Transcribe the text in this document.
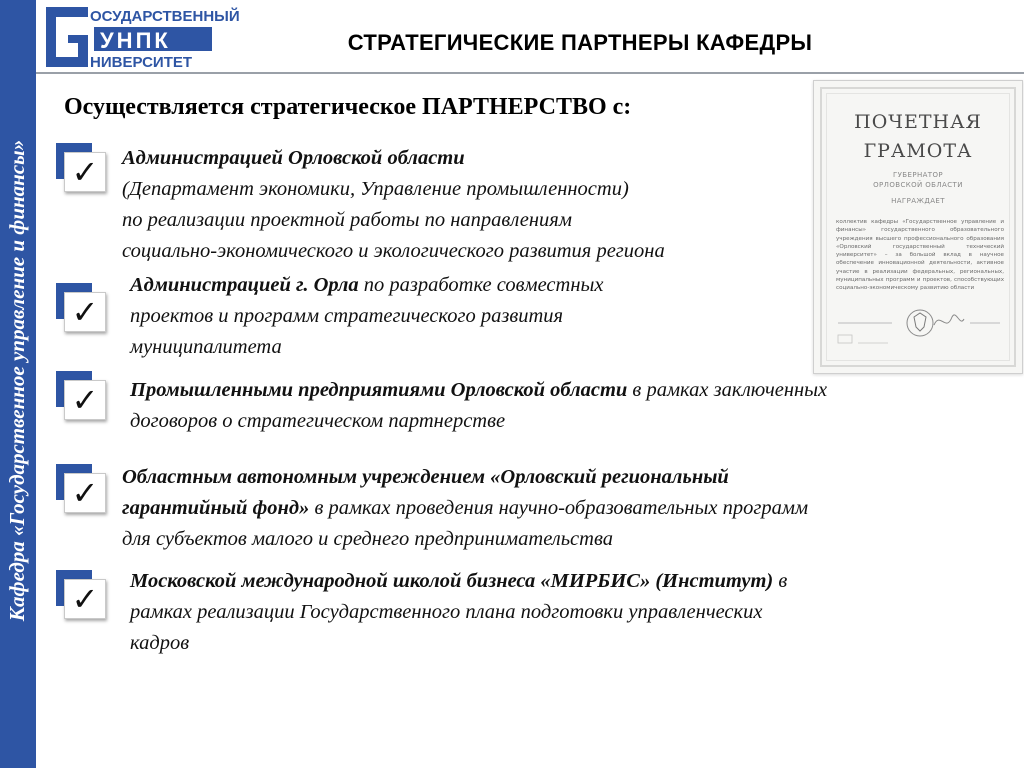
Кафедра «Государственное управление и финансы»
ОСУДАРСТВЕННЫЙ
УНПК
НИВЕРСИТЕТ
СТРАТЕГИЧЕСКИЕ ПАРТНЕРЫ КАФЕДРЫ
Осуществляется стратегическое ПАРТНЕРСТВО с:
✓
✓
✓
✓
✓
Администрацией Орловской области
(Департамент экономики, Управление промышленности)
по реализации проектной работы по направлениям
социально-экономического и экологического развития региона
Администрацией г. Орла по разработке совместных
проектов и программ стратегического развития
муниципалитета
Промышленными предприятиями Орловской области в рамках заключенных
договоров о стратегическом партнерстве
Областным автономным учреждением «Орловский региональный
гарантийный фонд» в рамках проведения научно-образовательных программ
для субъектов малого и среднего предпринимательства
Московской международной школой бизнеса «МИРБИС» (Институт) в
рамках реализации Государственного плана подготовки управленческих
кадров
ПОЧЕТНАЯ
ГРАМОТА
ГУБЕРНАТОР
ОРЛОВСКОЙ ОБЛАСТИ
НАГРАЖДАЕТ
коллектив кафедры «Государственное управление и финансы» государственного образовательного учреждения высшего профессионального образования «Орловский государственный технический университет» – за большой вклад в научное обеспечение инновационной деятельности, активное участие в реализации федеральных, региональных, муниципальных программ и проектов, способствующих социально-экономическому развитию области
